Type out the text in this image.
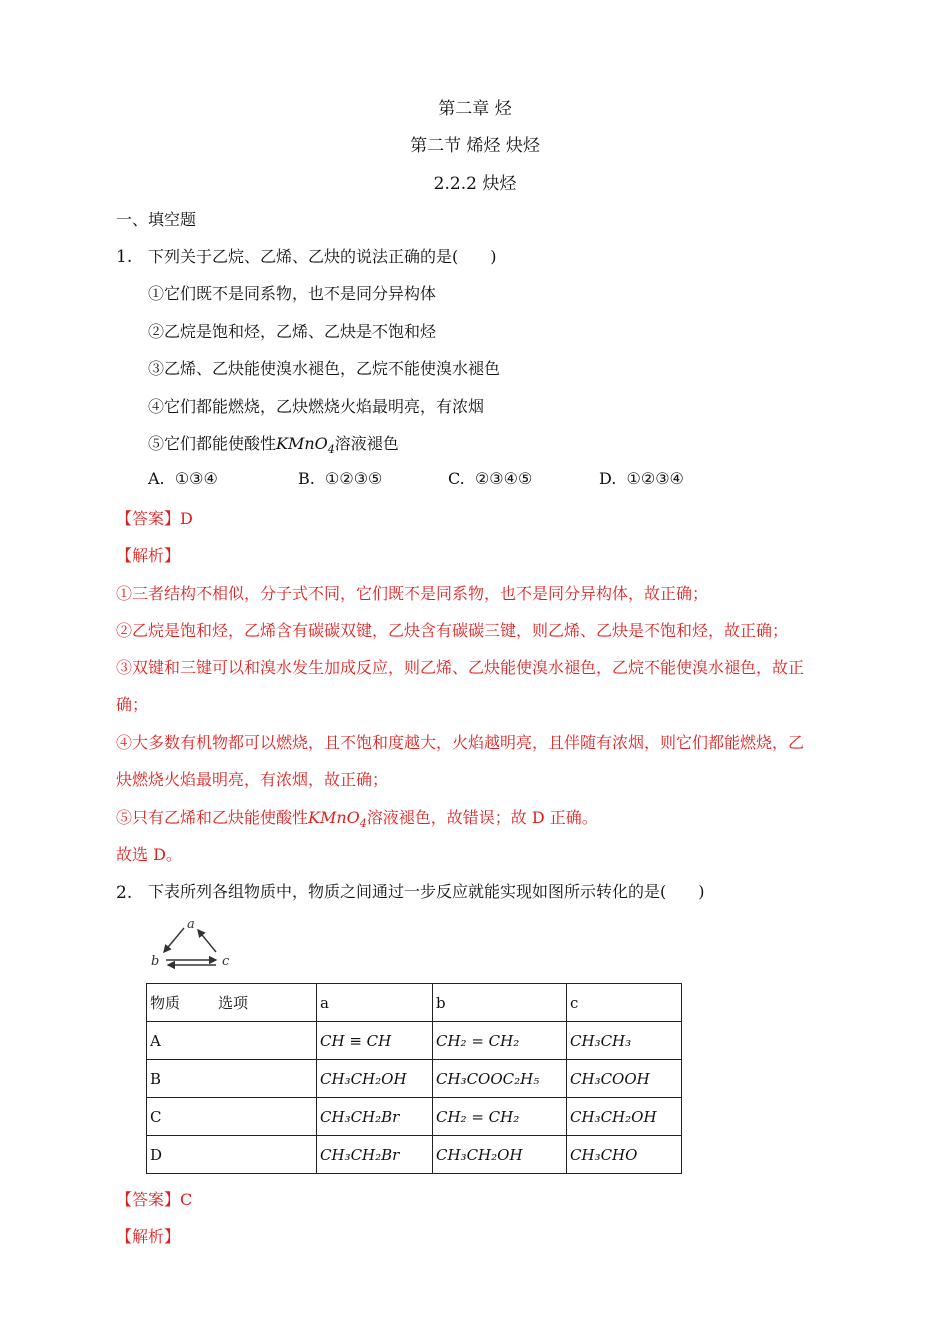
第二章 烃
第二节 烯烃 炔烃
2.2.2 炔烃
一、填空题
1. 下列关于乙烷、乙烯、乙炔的说法正确的是( )
①它们既不是同系物，也不是同分异构体
②乙烷是饱和烃，乙烯、乙炔是不饱和烃
③乙烯、乙炔能使溴水褪色，乙烷不能使溴水褪色
④它们都能燃烧，乙炔燃烧火焰最明亮，有浓烟
⑤它们都能使酸性KMnO$_4$溶液褪色
A. ①③④	B. ①②③⑤	C. ②③④⑤	D. ①②③④
【答案】D
【解析】
①三者结构不相似，分子式不同，它们既不是同系物，也不是同分异构体，故正确；
②乙烷是饱和烃，乙烯含有碳碳双键，乙炔含有碳碳三键，则乙烯、乙炔是不饱和烃，故正确；
③双键和三键可以和溴水发生加成反应，则乙烯、乙炔能使溴水褪色，乙烷不能使溴水褪色，故正
确；
④大多数有机物都可以燃烧，且不饱和度越大，火焰越明亮，且伴随有浓烟，则它们都能燃烧，乙
炔燃烧火焰最明亮，有浓烟，故正确；
⑤只有乙烯和乙炔能使酸性KMnO$_4$溶液褪色，故错误；故 D 正确。
故选 D。
2. 下表所列各组物质中，物质之间通过一步反应就能实现如图所示转化的是( )
a
b	c
物质 选项	a	b	c
A	CH ≡ CH	CH₂ = CH₂	CH₃CH₃
B	CH₃CH₂OH	CH₃COOC₂H₅	CH₃COOH
C	CH₃CH₂Br	CH₂ = CH₂	CH₃CH₂OH
D	CH₃CH₂Br	CH₃CH₂OH	CH₃CHO
【答案】C
【解析】
